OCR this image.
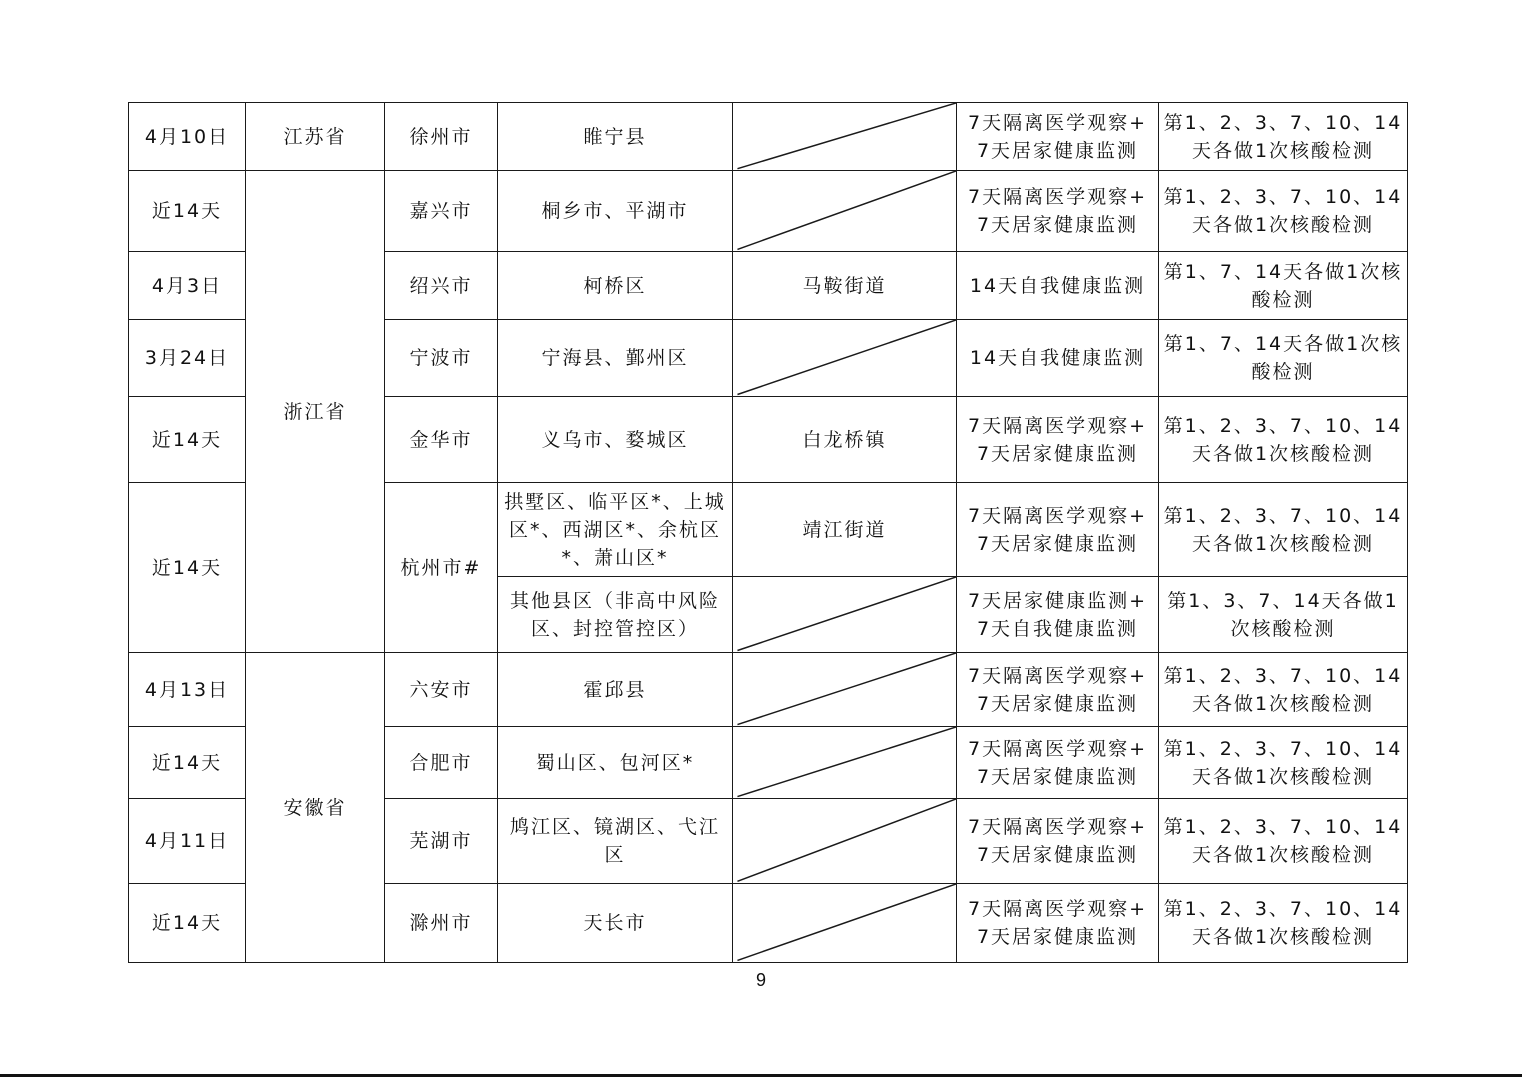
4月10日	江苏省	徐州市	睢宁县		7天隔离医学观察+7天居家健康监测	第1、2、3、7、10、14天各做1次核酸检测
近14天	浙江省	嘉兴市	桐乡市、平湖市		7天隔离医学观察+7天居家健康监测	第1、2、3、7、10、14天各做1次核酸检测
4月3日		绍兴市	柯桥区	马鞍街道	14天自我健康监测	第1、7、14天各做1次核酸检测
3月24日		宁波市	宁海县、鄞州区		14天自我健康监测	第1、7、14天各做1次核酸检测
近14天		金华市	义乌市、婺城区	白龙桥镇	7天隔离医学观察+7天居家健康监测	第1、2、3、7、10、14天各做1次核酸检测
近14天		杭州市#	拱墅区、临平区*、上城区*、西湖区*、余杭区*、萧山区*	靖江街道	7天隔离医学观察+7天居家健康监测	第1、2、3、7、10、14天各做1次核酸检测
			其他县区（非高中风险区、封控管控区）		7天居家健康监测+7天自我健康监测	第1、3、7、14天各做1次核酸检测
4月13日	安徽省	六安市	霍邱县		7天隔离医学观察+7天居家健康监测	第1、2、3、7、10、14天各做1次核酸检测
近14天		合肥市	蜀山区、包河区*		7天隔离医学观察+7天居家健康监测	第1、2、3、7、10、14天各做1次核酸检测
4月11日		芜湖市	鸠江区、镜湖区、弋江区		7天隔离医学观察+7天居家健康监测	第1、2、3、7、10、14天各做1次核酸检测
近14天		滁州市	天长市		7天隔离医学观察+7天居家健康监测	第1、2、3、7、10、14天各做1次核酸检测
9
